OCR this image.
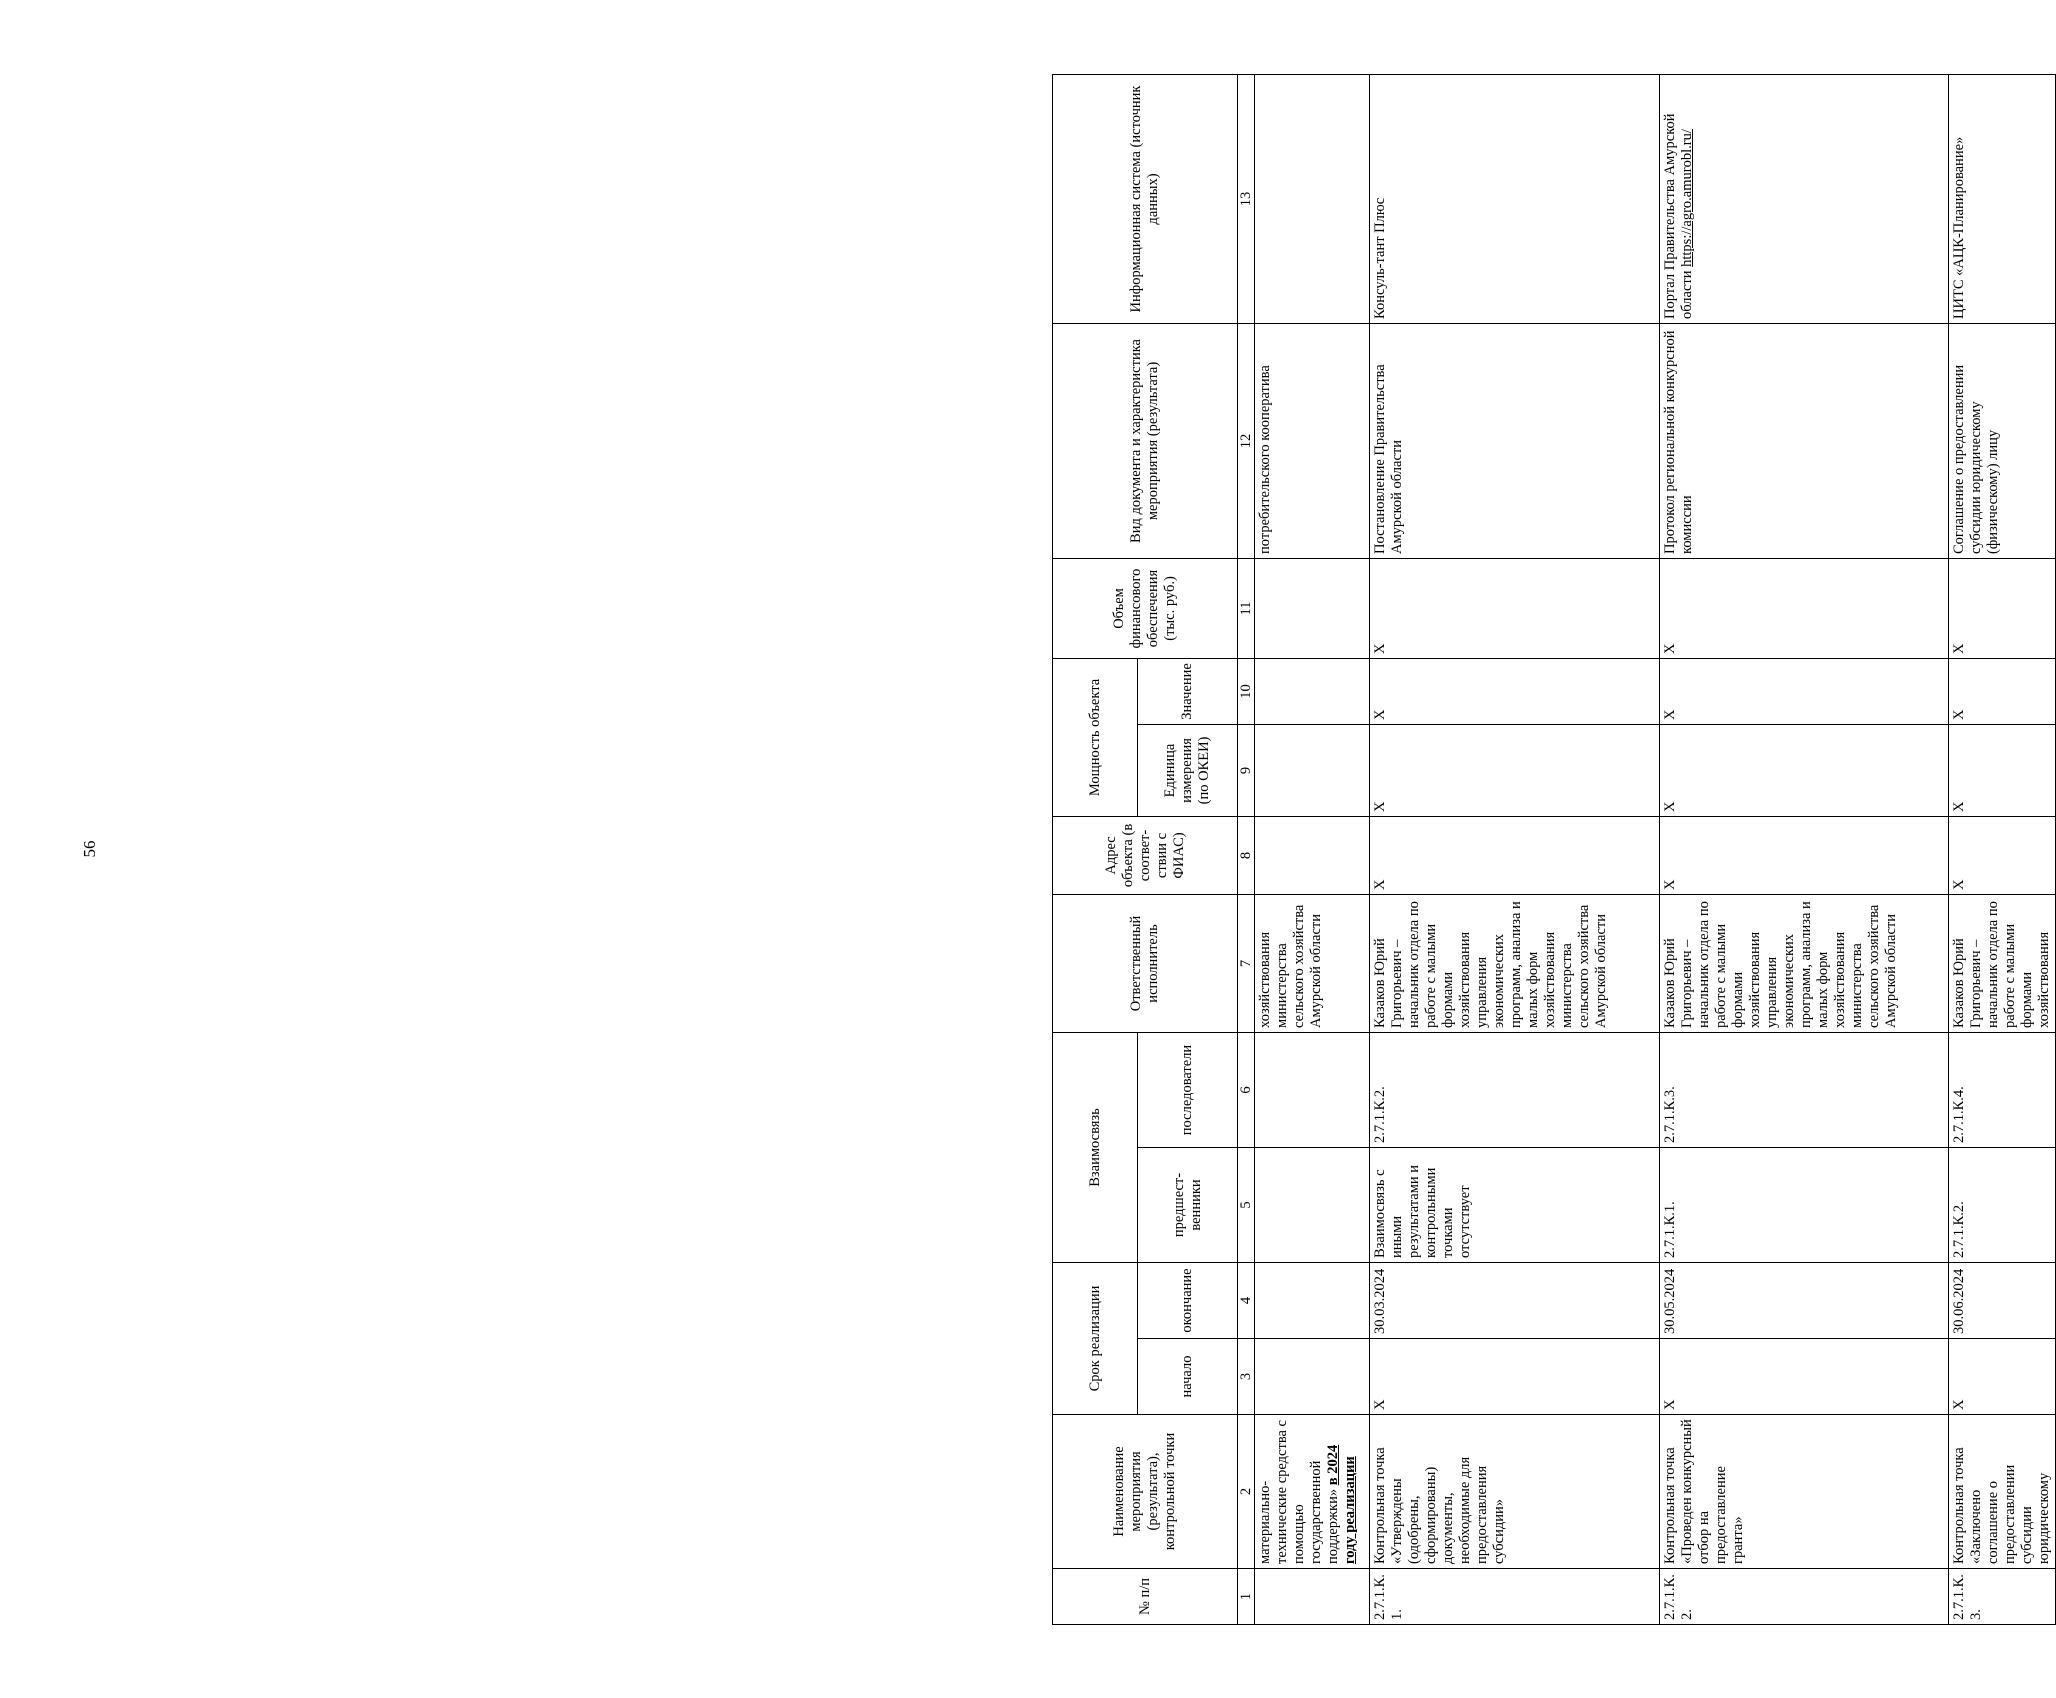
56
№ п/п	Наименование мероприятия (результата), контрольной точки	Срок реализации		Взаимосвязь		Ответственный исполнитель	Адрес объекта (в соответ-ствии с ФИАС)	Мощность объекта		Объем финансового обеспечения (тыс. руб.)	Вид документа и характеристика мероприятия (результата)	Информационная система (источник данных)
		начало	окончание	предшест-венники	последователи			Единица измерения (по ОКЕИ)	Значение			
1	2	3	4	5	6	7	8	9	10	11	12	13
	материально-технические средства с помощью государственной поддержки» в 2024 году реализации					хозяйствования министерства сельского хозяйства Амурской области					потребительского кооператива	
2.7.1.К.1.	Контрольная точка «Утверждены (одобрены, сформированы) документы, необходимые для предоставления субсидии»	X	30.03.2024	Взаимосвязь с иными результатами и контрольными точками отсутствует	2.7.1.К.2.	Казаков Юрий Григорьевич – начальник отдела по работе с малыми формами хозяйствования управления экономических программ, анализа и малых форм хозяйствования министерства сельского хозяйства Амурской области	X	X	X	X	Постановление Правительства Амурской области	Консуль-тант Плюс
2.7.1.К.2.	Контрольная точка «Проведен конкурсный отбор на предоставление гранта»	X	30.05.2024	2.7.1.К.1.	2.7.1.К.3.	Казаков Юрий Григорьевич – начальник отдела по работе с малыми формами хозяйствования управления экономических программ, анализа и малых форм хозяйствования министерства сельского хозяйства Амурской области	X	X	X	X	Протокол региональной конкурсной комиссии	Портал Правительства Амурской области https://agro.amurobl.ru/
2.7.1.К.3.	Контрольная точка «Заключено соглашение о предоставлении субсидии юридическому	X	30.06.2024	2.7.1.К.2.	2.7.1.К.4.	Казаков Юрий Григорьевич – начальник отдела по работе с малыми формами хозяйствования	X	X	X	X	Соглашение о предоставлении субсидии юридическому (физическому) лицу	ЦИТС «АЦК-Планирование»
